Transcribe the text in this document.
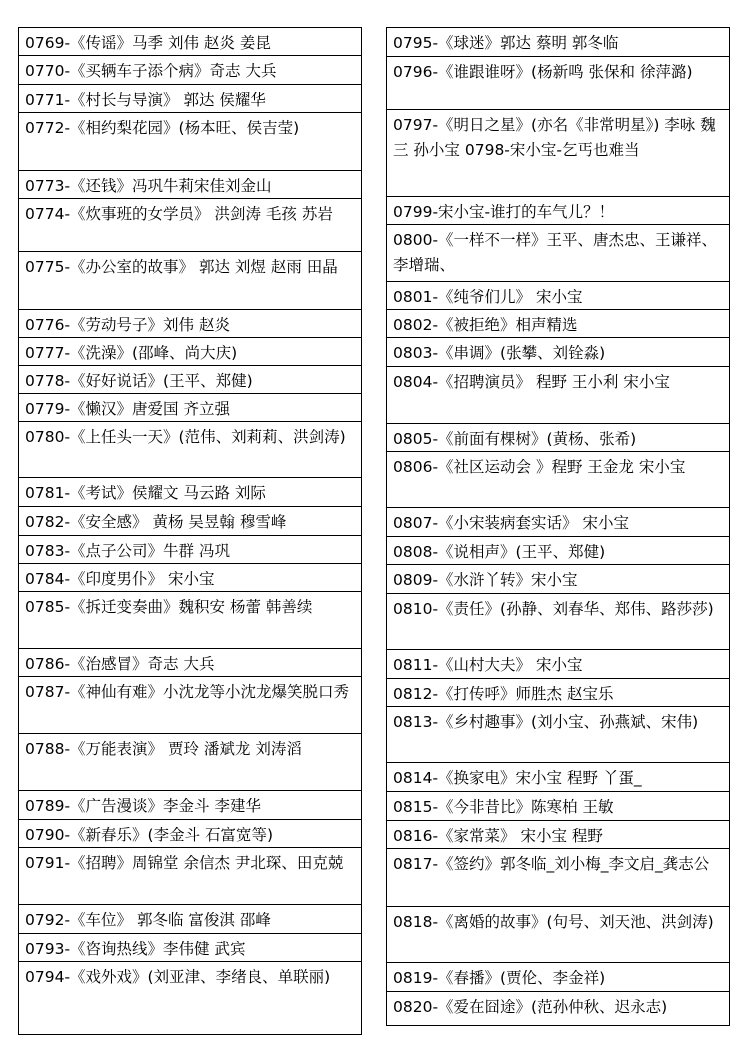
0769-《传谣》马季 刘伟 赵炎 姜昆
0770-《买辆车子添个病》奇志 大兵
0771-《村长与导演》 郭达 侯耀华
0772-《相约梨花园》(杨本旺、侯吉莹)
0773-《还钱》冯巩牛莉宋佳刘金山
0774-《炊事班的女学员》 洪剑涛 毛孩 苏岩
0775-《办公室的故事》 郭达 刘煜 赵雨 田晶
0776-《劳动号子》刘伟 赵炎
0777-《洗澡》(邵峰、尚大庆)
0778-《好好说话》(王平、郑健)
0779-《懒汉》唐爱国 齐立强
0780-《上任头一天》(范伟、刘莉莉、洪剑涛)
0781-《考试》侯耀文 马云路 刘际
0782-《安全感》 黄杨 吴昱翰 穆雪峰
0783-《点子公司》牛群 冯巩
0784-《印度男仆》 宋小宝
0785-《拆迁变奏曲》魏积安 杨蕾 韩善续
0786-《治感冒》奇志 大兵
0787-《神仙有难》小沈龙等小沈龙爆笑脱口秀
0788-《万能表演》 贾玲 潘斌龙 刘涛滔
0789-《广告漫谈》李金斗 李建华
0790-《新春乐》(李金斗 石富宽等)
0791-《招聘》周锦堂 余信杰 尹北琛、田克兢
0792-《车位》 郭冬临 富俊淇 邵峰
0793-《咨询热线》李伟健 武宾
0794-《戏外戏》(刘亚津、李绪良、单联丽)
0795-《球迷》郭达 蔡明 郭冬临
0796-《谁跟谁呀》(杨新鸣 张保和 徐萍潞)
0797-《明日之星》(亦名《非常明星》) 李咏 魏三 孙小宝 0798-宋小宝-乞丐也难当
0799-宋小宝-谁打的车气儿？！
0800-《一样不一样》王平、唐杰忠、王谦祥、李增瑞、
0801-《纯爷们儿》 宋小宝
0802-《被拒绝》相声精选
0803-《串调》(张攀、刘铨淼)
0804-《招聘演员》 程野 王小利 宋小宝
0805-《前面有棵树》(黄杨、张希)
0806-《社区运动会 》程野 王金龙 宋小宝
0807-《小宋装病套实话》 宋小宝
0808-《说相声》(王平、郑健)
0809-《水浒丫转》宋小宝
0810-《责任》(孙静、刘春华、郑伟、路莎莎)
0811-《山村大夫》 宋小宝
0812-《打传呼》师胜杰 赵宝乐
0813-《乡村趣事》(刘小宝、孙燕斌、宋伟)
0814-《换家电》宋小宝 程野 丫蛋_
0815-《今非昔比》陈寒柏 王敏
0816-《家常菜》 宋小宝 程野
0817-《签约》郭冬临_刘小梅_李文启_龚志公
0818-《离婚的故事》(句号、刘天池、洪剑涛)
0819-《春播》(贾伦、李金祥)
0820-《爱在囧途》(范孙仲秋、迟永志)
